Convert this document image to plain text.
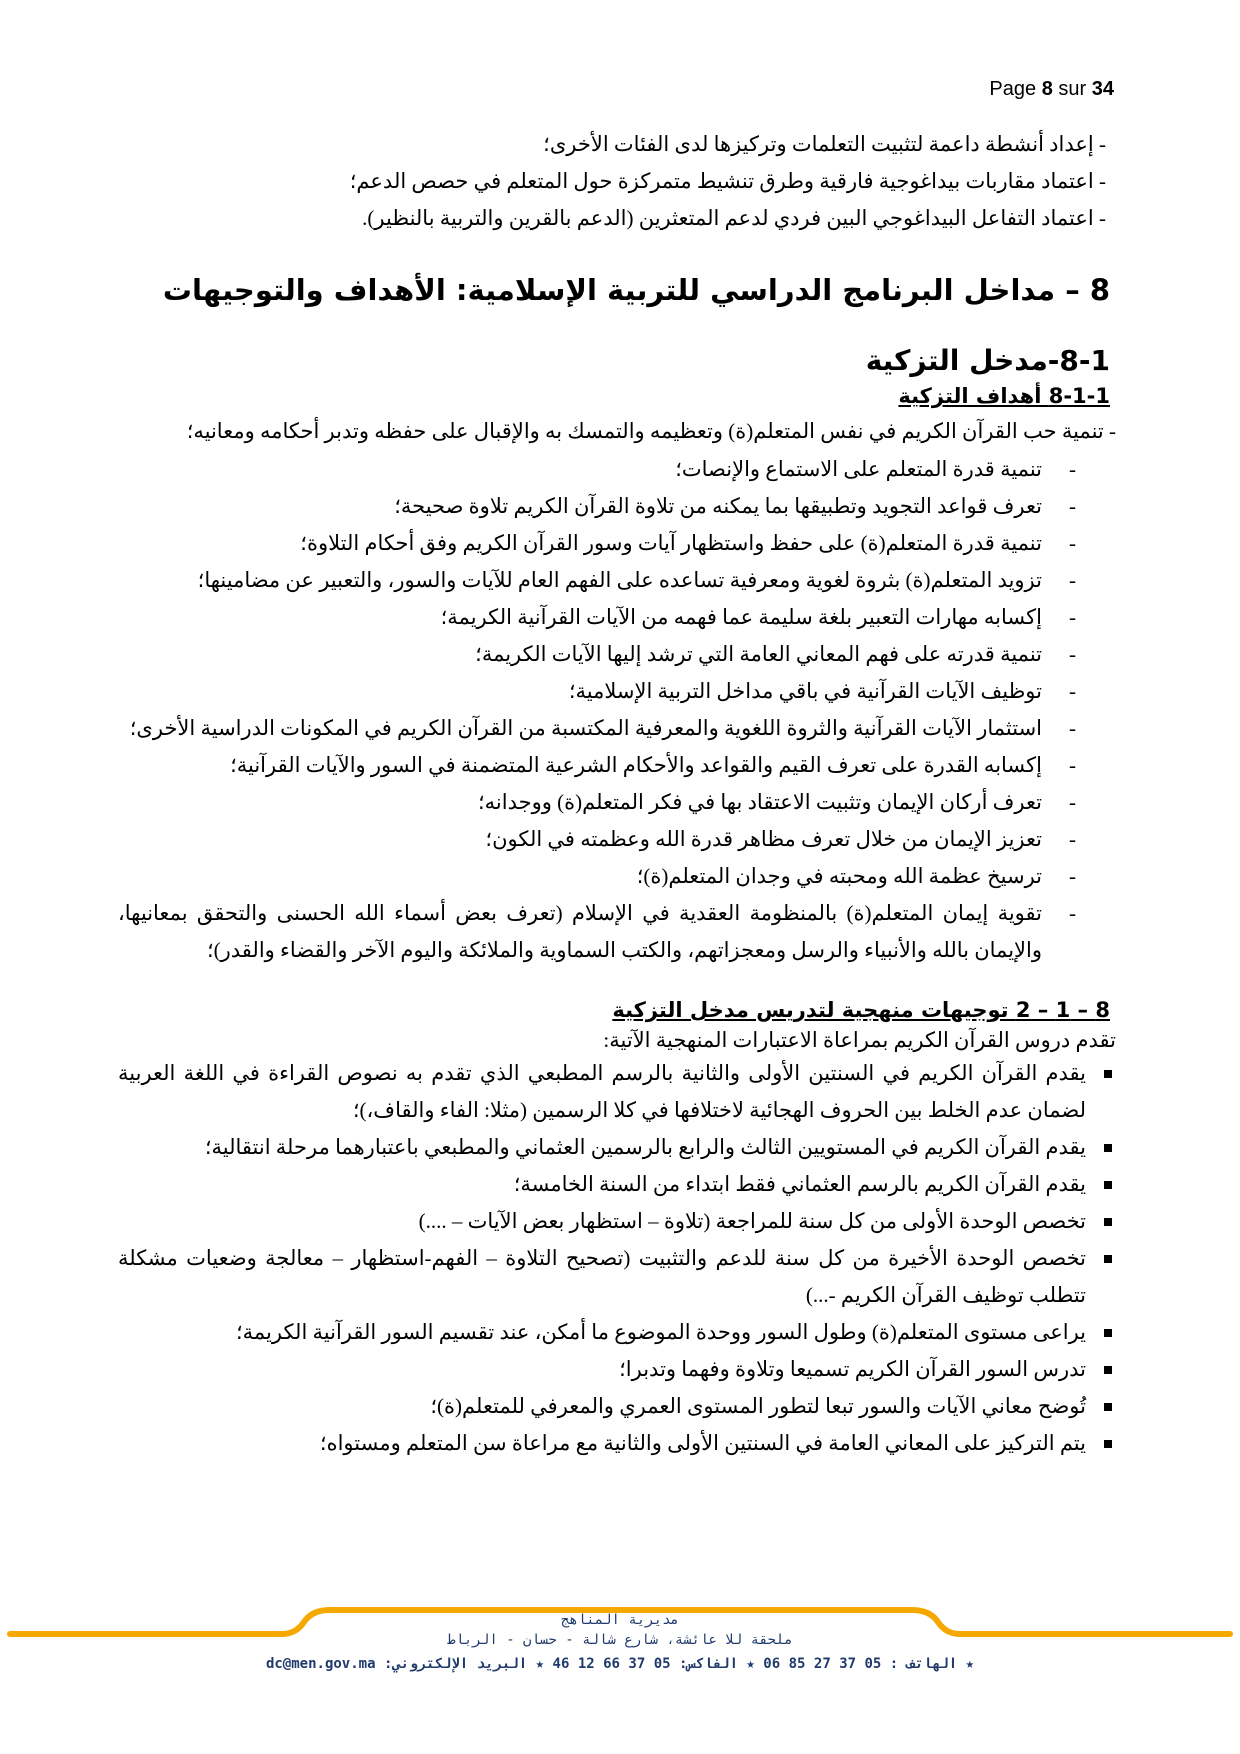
Page 8 sur 34

- إعداد أنشطة داعمة لتثبيت التعلمات وتركيزها لدى الفئات الأخرى؛

- اعتماد مقاربات بيداغوجية فارقية وطرق تنشيط متمركزة حول المتعلم في حصص الدعم؛

- اعتماد التفاعل البيداغوجي البين فردي لدعم المتعثرين (الدعم بالقرين والتربية بالنظير).

8 – مداخل البرنامج الدراسي للتربية الإسلامية: الأهداف والتوجيهات
8-1-مدخل التزكية
8-1-1 أهداف التزكية

- تنمية حب القرآن الكريم في نفس المتعلم(ة) وتعظيمه والتمسك به والإقبال على حفظه وتدبر أحكامه ومعانيه؛

- تنمية قدرة المتعلم على الاستماع والإنصات؛
- تعرف قواعد التجويد وتطبيقها بما يمكنه من تلاوة القرآن الكريم تلاوة صحيحة؛
- تنمية قدرة المتعلم(ة) على حفظ واستظهار آيات وسور القرآن الكريم وفق أحكام التلاوة؛
- تزويد المتعلم(ة) بثروة لغوية ومعرفية تساعده على الفهم العام للآيات والسور، والتعبير عن مضامينها؛
- إكسابه مهارات التعبير بلغة سليمة عما فهمه من الآيات القرآنية الكريمة؛
- تنمية قدرته على فهم المعاني العامة التي ترشد إليها الآيات الكريمة؛
- توظيف الآيات القرآنية في باقي مداخل التربية الإسلامية؛
- استثمار الآيات القرآنية والثروة اللغوية والمعرفية المكتسبة من القرآن الكريم في المكونات الدراسية الأخرى؛
- إكسابه القدرة على تعرف القيم والقواعد والأحكام الشرعية المتضمنة في السور والآيات القرآنية؛
- تعرف أركان الإيمان وتثبيت الاعتقاد بها في فكر المتعلم(ة) ووجدانه؛
- تعزيز الإيمان من خلال تعرف مظاهر قدرة الله وعظمته في الكون؛
- ترسيخ عظمة الله ومحبته في وجدان المتعلم(ة)؛
- تقوية إيمان المتعلم(ة) بالمنظومة العقدية في الإسلام (تعرف بعض أسماء الله الحسنى والتحقق بمعانيها، والإيمان بالله والأنبياء والرسل ومعجزاتهم، والكتب السماوية والملائكة واليوم الآخر والقضاء والقدر)؛
8 – 1 – 2 توجيهات منهجية لتدريس مدخل التزكية

تقدم دروس القرآن الكريم بمراعاة الاعتبارات المنهجية الآتية:

يقدم القرآن الكريم في السنتين الأولى والثانية بالرسم المطبعي الذي تقدم به نصوص القراءة في اللغة العربية لضمان عدم الخلط بين الحروف الهجائية لاختلافها في كلا الرسمين (مثلا: الفاء والقاف،)؛
يقدم القرآن الكريم في المستويين الثالث والرابع بالرسمين العثماني والمطبعي باعتبارهما مرحلة انتقالية؛
يقدم القرآن الكريم بالرسم العثماني فقط ابتداء من السنة الخامسة؛
تخصص الوحدة الأولى من كل سنة للمراجعة (تلاوة – استظهار بعض الآيات – ....)
تخصص الوحدة الأخيرة من كل سنة للدعم والتثبيت (تصحيح التلاوة – الفهم-استظهار – معالجة وضعيات مشكلة تتطلب توظيف القرآن الكريم -...)
يراعى مستوى المتعلم(ة) وطول السور ووحدة الموضوع ما أمكن، عند تقسيم السور القرآنية الكريمة؛
تدرس السور القرآن الكريم تسميعا وتلاوة وفهما وتدبرا؛
تُوضح معاني الآيات والسور تبعا لتطور المستوى العمري والمعرفي للمتعلم(ة)؛
يتم التركيز على المعاني العامة في السنتين الأولى والثانية مع مراعاة سن المتعلم ومستواه؛
مديرية المناهج
ملحقة للا عائشة، شارع شالة - حسان - الرباط
★ الهاتف : 05 37 27 85 06 ★ الفاكس: 05 37 66 12 46 ★ البريد الإلكتروني: dc@men.gov.ma
